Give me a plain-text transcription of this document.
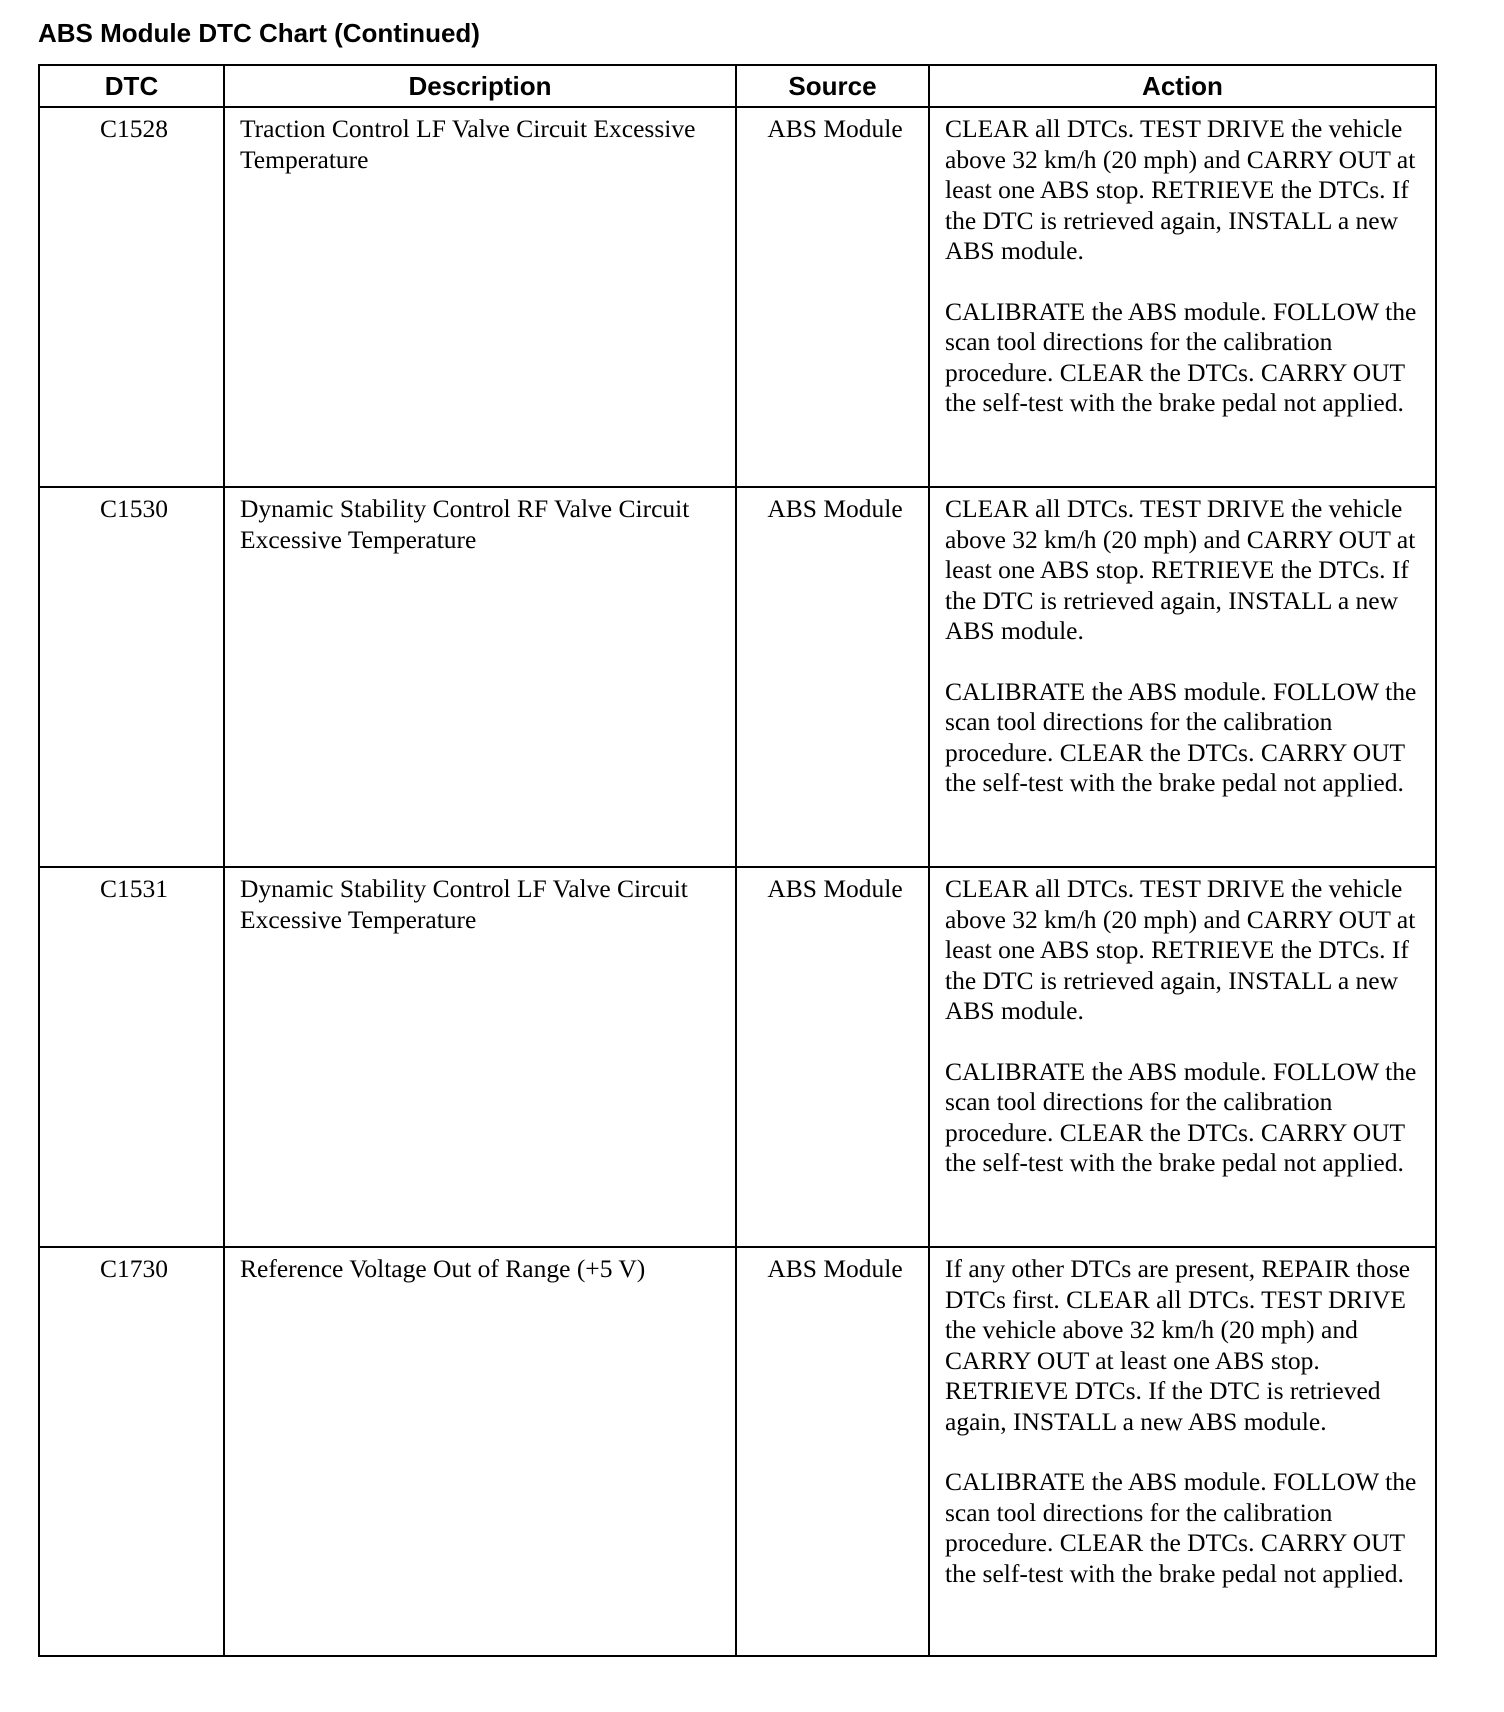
ABS Module DTC Chart (Continued)
DTC	Description	Source	Action
C1528	Traction Control LF Valve Circuit Excessive Temperature	ABS Module	CLEAR all DTCs. TEST DRIVE the vehicle above 32 km/h (20 mph) and CARRY OUT at least one ABS stop. RETRIEVE the DTCs. If the DTC is retrieved again, INSTALL a new ABS module.
CALIBRATE the ABS module. FOLLOW the scan tool directions for the calibration procedure. CLEAR the DTCs. CARRY OUT the self-test with the brake pedal not applied.

C1530	Dynamic Stability Control RF Valve Circuit Excessive Temperature	ABS Module	CLEAR all DTCs. TEST DRIVE the vehicle above 32 km/h (20 mph) and CARRY OUT at least one ABS stop. RETRIEVE the DTCs. If the DTC is retrieved again, INSTALL a new ABS module.
CALIBRATE the ABS module. FOLLOW the scan tool directions for the calibration procedure. CLEAR the DTCs. CARRY OUT the self-test with the brake pedal not applied.

C1531	Dynamic Stability Control LF Valve Circuit Excessive Temperature	ABS Module	CLEAR all DTCs. TEST DRIVE the vehicle above 32 km/h (20 mph) and CARRY OUT at least one ABS stop. RETRIEVE the DTCs. If the DTC is retrieved again, INSTALL a new ABS module.
CALIBRATE the ABS module. FOLLOW the scan tool directions for the calibration procedure. CLEAR the DTCs. CARRY OUT the self-test with the brake pedal not applied.

C1730	Reference Voltage Out of Range (+5 V)	ABS Module	If any other DTCs are present, REPAIR those DTCs first. CLEAR all DTCs. TEST DRIVE the vehicle above 32 km/h (20 mph) and CARRY OUT at least one ABS stop. RETRIEVE DTCs. If the DTC is retrieved again, INSTALL a new ABS module.
CALIBRATE the ABS module. FOLLOW the scan tool directions for the calibration procedure. CLEAR the DTCs. CARRY OUT the self-test with the brake pedal not applied.
